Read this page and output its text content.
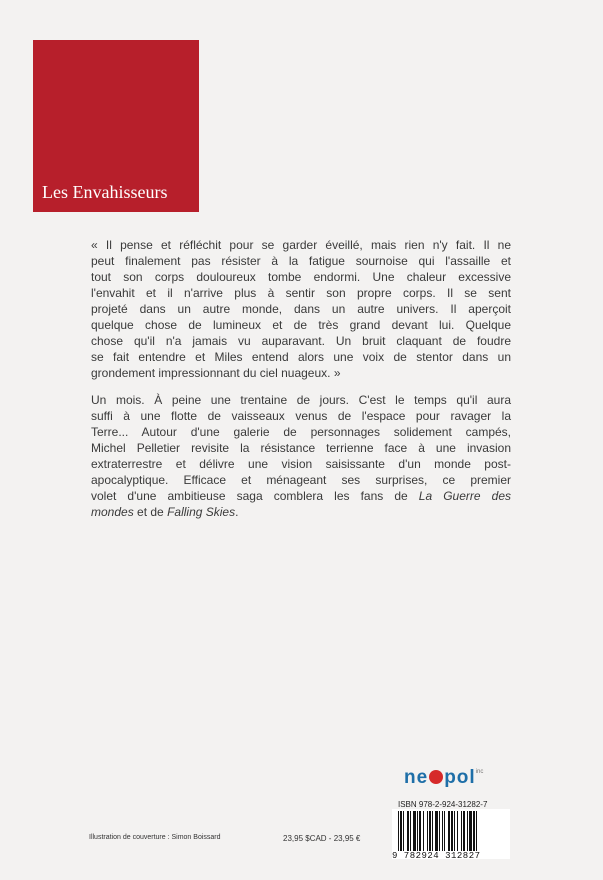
Les Envahisseurs
« Il pense et réfléchit pour se garder éveillé, mais rien n'y fait. Il ne
peut finalement pas résister à la fatigue sournoise qui l'assaille et
tout son corps douloureux tombe endormi. Une chaleur excessive
l'envahit et il n'arrive plus à sentir son propre corps. Il se sent
projeté dans un autre monde, dans un autre univers. Il aperçoit
quelque chose de lumineux et de très grand devant lui. Quelque
chose qu'il n'a jamais vu auparavant. Un bruit claquant de foudre
se fait entendre et Miles entend alors une voix de stentor dans un
grondement impressionnant du ciel nuageux. »
Un mois. À peine une trentaine de jours. C'est le temps qu'il aura
suffi à une flotte de vaisseaux venus de l'espace pour ravager la
Terre... Autour d'une galerie de personnages solidement campés,
Michel Pelletier revisite la résistance terrienne face à une invasion
extraterrestre et délivre une vision saisissante d'un monde post-
apocalyptique. Efficace et ménageant ses surprises, ce premier
volet d'une ambitieuse saga comblera les fans de La Guerre des
mondes et de Falling Skies.
ne pol$^{inc}$
ISBN 978-2-924-31282-7
9 782924 312827
Illustration de couverture : Simon Boissard	23,95 $CAD - 23,95 €
